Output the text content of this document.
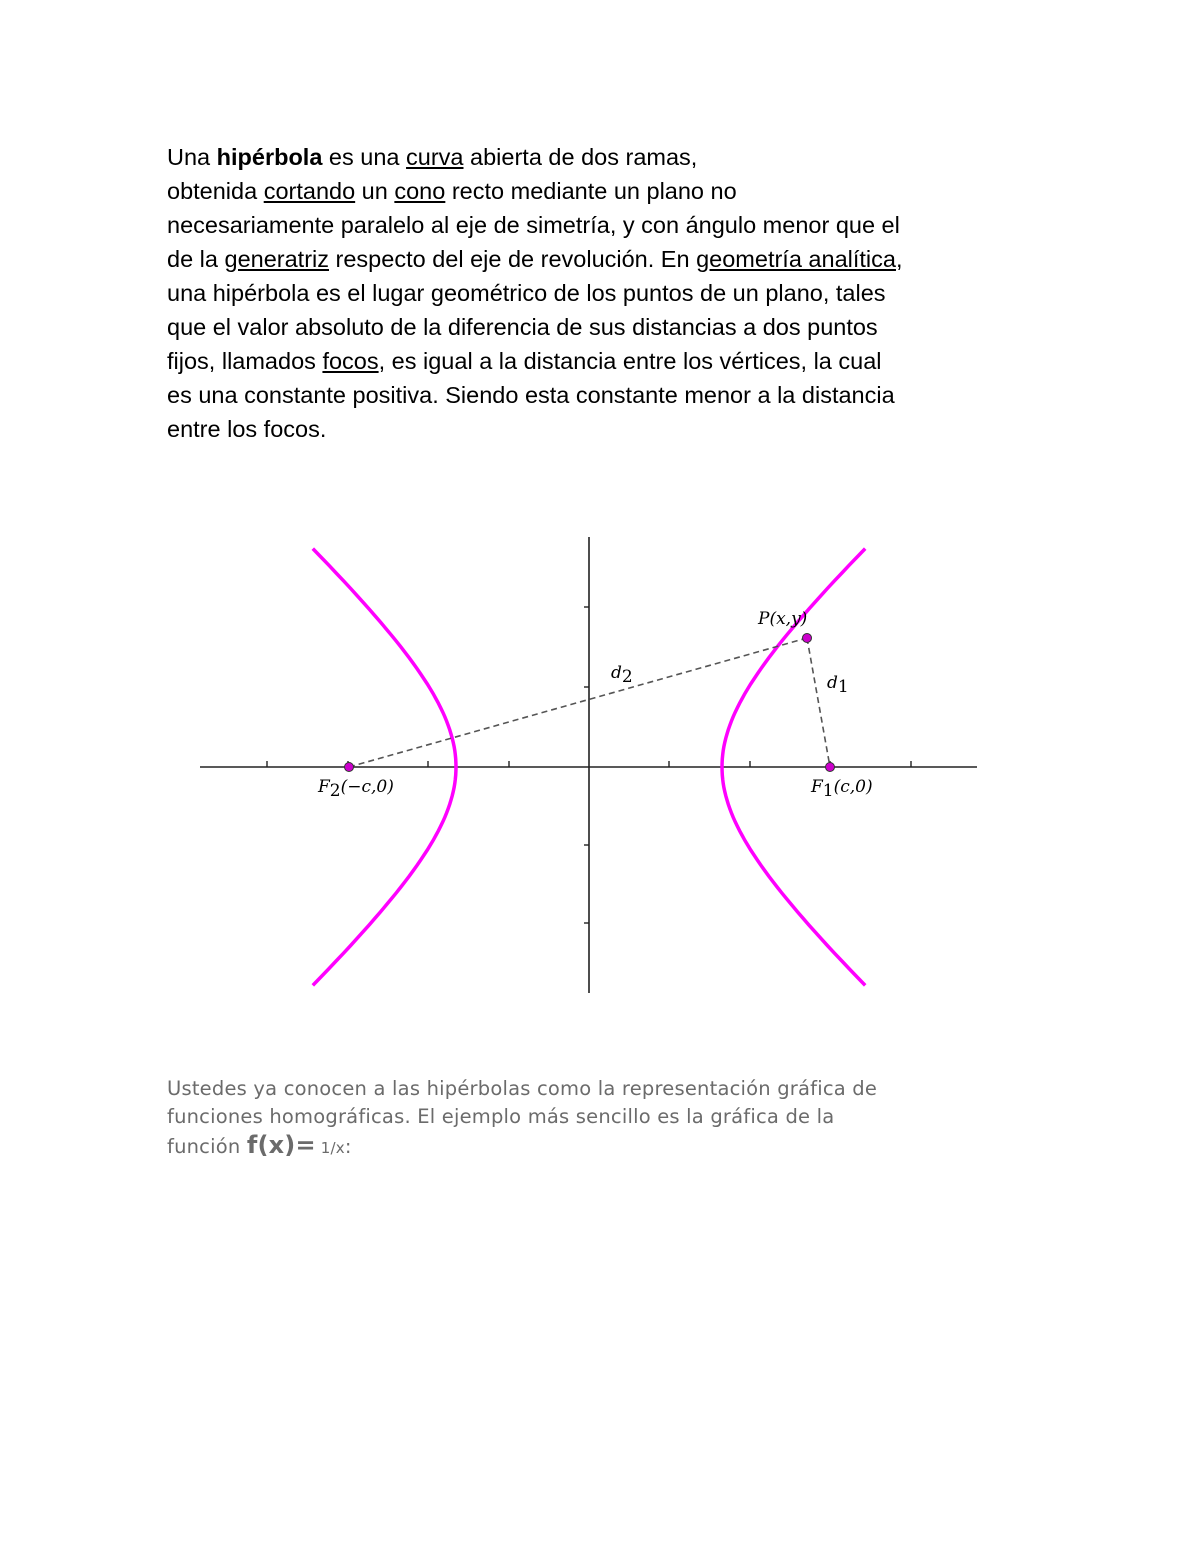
Una hipérbola es una curva abierta de dos ramas,
obtenida cortando un cono recto mediante un plano no
necesariamente paralelo al eje de simetría, y con ángulo menor que el
de la generatriz respecto del eje de revolución. En geometría analítica,
una hipérbola es el lugar geométrico de los puntos de un plano, tales
que el valor absoluto de la diferencia de sus distancias a dos puntos
fijos, llamados focos, es igual a la distancia entre los vértices, la cual
es una constante positiva. Siendo esta constante menor a la distancia
entre los focos.
P(x,y)
d2	d1
F2(−c,0)	F1(c,0)
Ustedes ya conocen a las hipérbolas como la representación gráfica de
funciones homográficas. El ejemplo más sencillo es la gráfica de la
función f(x)= 1/x:
